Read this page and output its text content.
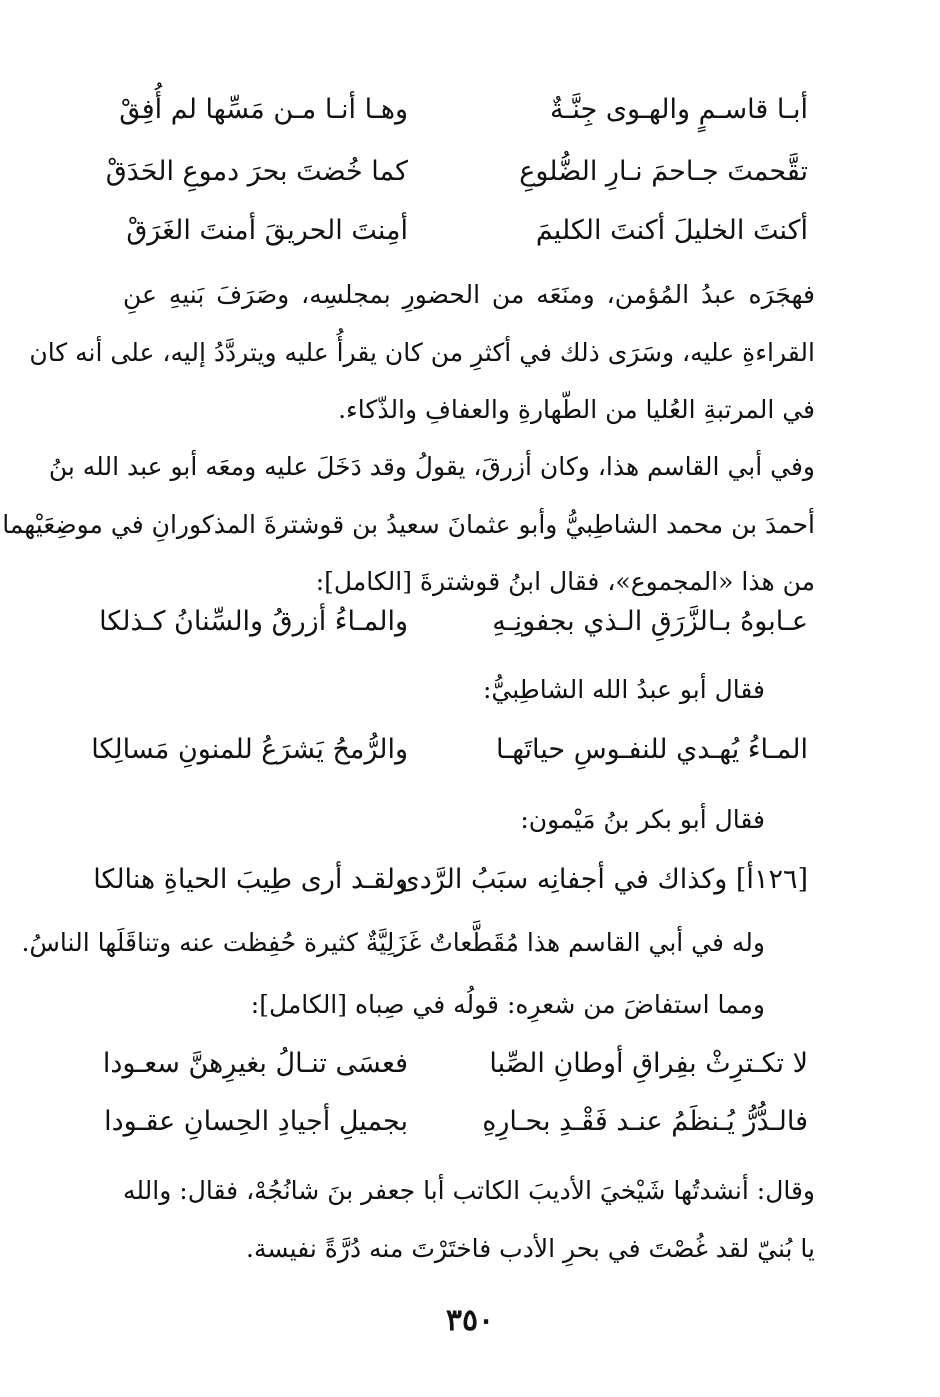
أبـا قاسـمٍ والهـوى جِنَّـةٌ
وهـا أنـا مـن مَسِّها لم أُفِقْ
تقَّحمتَ جـاحمَ نـارِ الضُّلوعِ
كما خُضتَ بحرَ دموعِ الحَدَقْ
أكنتَ الخليلَ أكنتَ الكليمَ
أمِنتَ الحريقَ أمنتَ الغَرَقْ
فهجَرَه عبدُ المُؤمن، ومنَعَه من الحضورِ بمجلسِه، وصَرَفَ بَنيهِ عنِ
القراءةِ عليه، وسَرَى ذلك في أكثرِ من كان يقرأُ عليه ويتردَّدُ إليه، على أنه كان
في المرتبةِ العُليا من الطّهارةِ والعفافِ والذّكاء.
وفي أبي القاسم هذا، وكان أزرقَ، يقولُ وقد دَخَلَ عليه ومعَه أبو عبد الله بنُ
أحمدَ بن محمد الشاطِبيُّ وأبو عثمانَ سعيدُ بن قوشترةَ المذكورانِ في موضِعَيْهما
من هذا «المجموع»، فقال ابنُ قوشترةَ [الكامل]:
عـابوهُ بـالزَّرَقِ الـذي بجفونِـهِ
والمـاءُ أزرقُ والسِّنانُ كـذلكا
فقال أبو عبدُ الله الشاطِبيُّ:
المـاءُ يُهـدي للنفـوسِ حياتَهـا
والرُّمحُ يَشرَعُ للمنونِ مَسالِكا
فقال أبو بكر بنُ مَيْمون:
[١٢٦أ] وكذاك في أجفانِه سبَبُ الرَّدى
ولقـد أرى طِيبَ الحياةِ هنالكا
وله في أبي القاسم هذا مُقَطَّعاتٌ غَزَلِيَّةٌ كثيرة حُفِظت عنه وتناقَلَها الناسُ.
ومما استفاضَ من شعرِه: قولُه في صِباه [الكامل]:
لا تكـترِثْ بفِراقِ أوطانِ الصِّبا
فعسَى تنـالُ بغيرِهنَّ سعـودا
فالـدُّرُّ يُـنظَمُ عنـد فَقْـدِ بحـارِهِ
بجميلِ أجيادِ الحِسانِ عقـودا
وقال: أنشدتُها شَيْخيَ الأديبَ الكاتب أبا جعفر بنَ شانُجُهْ، فقال: والله
يا بُنيّ لقد غُصْتَ في بحرِ الأدب فاختَرْتَ منه دُرَّةً نفيسة.
٣٥٠
